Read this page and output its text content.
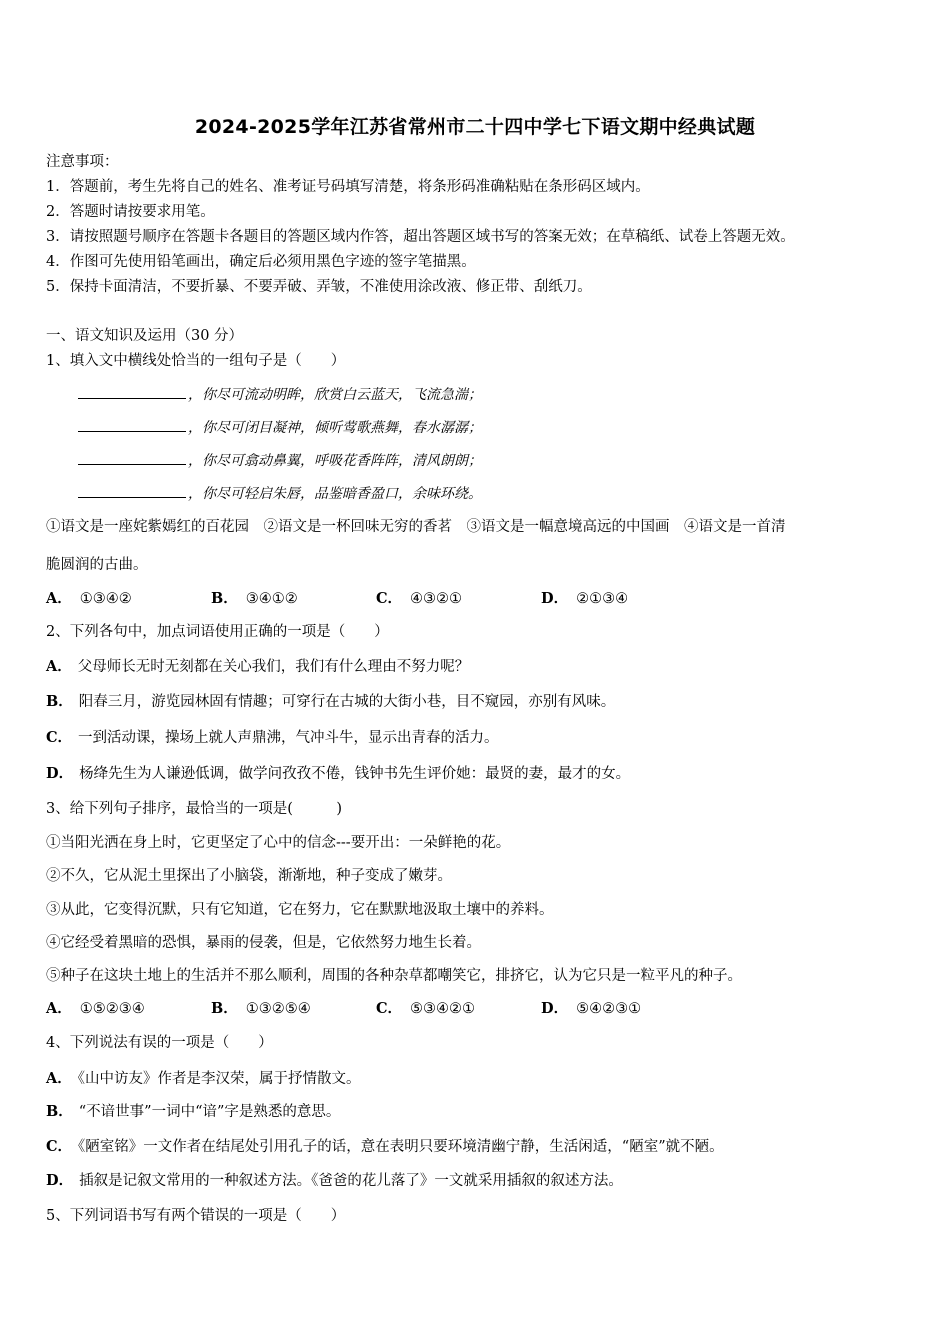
2024-2025学年江苏省常州市二十四中学七下语文期中经典试题
注意事项：
1．答题前，考生先将自己的姓名、准考证号码填写清楚，将条形码准确粘贴在条形码区域内。
2．答题时请按要求用笔。
3．请按照题号顺序在答题卡各题目的答题区域内作答，超出答题区域书写的答案无效；在草稿纸、试卷上答题无效。
4．作图可先使用铅笔画出，确定后必须用黑色字迹的签字笔描黑。
5．保持卡面清洁，不要折暴、不要弄破、弄皱，不准使用涂改液、修正带、刮纸刀。
一、语文知识及运用（30 分）
1、填入文中横线处恰当的一组句子是（　　）
，你尽可流动明眸，欣赏白云蓝天，飞流急湍；
，你尽可闭目凝神，倾听莺歌燕舞，春水潺潺；
，你尽可翕动鼻翼，呼吸花香阵阵，清风朗朗；
，你尽可轻启朱唇，品鉴暗香盈口，余味环绕。
①语文是一座姹紫嫣红的百花园　②语文是一杯回味无穷的香茗　③语文是一幅意境高远的中国画　④语文是一首清
脆圆润的古曲。
A． ①③④②	B． ③④①②	C． ④③②①	D． ②①③④
2、下列各句中，加点词语使用正确的一项是（　　）
A． 父母师长无时无刻都在关心我们，我们有什么理由不努力呢？
B． 阳春三月，游览园林固有情趣；可穿行在古城的大街小巷，目不窥园，亦别有风味。
C． 一到活动课，操场上就人声鼎沸，气冲斗牛，显示出青春的活力。
D． 杨绛先生为人谦逊低调，做学问孜孜不倦，钱钟书先生评价她：最贤的妻，最才的女。
3、给下列句子排序，最恰当的一项是(　　　)
①当阳光洒在身上时，它更坚定了心中的信念---要开出：一朵鲜艳的花。
②不久，它从泥土里探出了小脑袋，渐渐地，种子变成了嫩芽。
③从此，它变得沉默，只有它知道，它在努力，它在默默地汲取土壤中的养料。
④它经受着黑暗的恐惧，暴雨的侵袭，但是，它依然努力地生长着。
⑤种子在这块土地上的生活并不那么顺利，周围的各种杂草都嘲笑它，排挤它，认为它只是一粒平凡的种子。
A． ①⑤②③④	B． ①③②⑤④	C． ⑤③④②①	D． ⑤④②③①
4、下列说法有误的一项是（　　）
A． 《山中访友》作者是李汉荣，属于抒情散文。
B． “不谙世事”一词中“谙”字是熟悉的意思。
C． 《陋室铭》一文作者在结尾处引用孔子的话，意在表明只要环境清幽宁静，生活闲适，“陋室”就不陋。
D． 插叙是记叙文常用的一种叙述方法。《爸爸的花儿落了》一文就采用插叙的叙述方法。
5、下列词语书写有两个错误的一项是（　　）
